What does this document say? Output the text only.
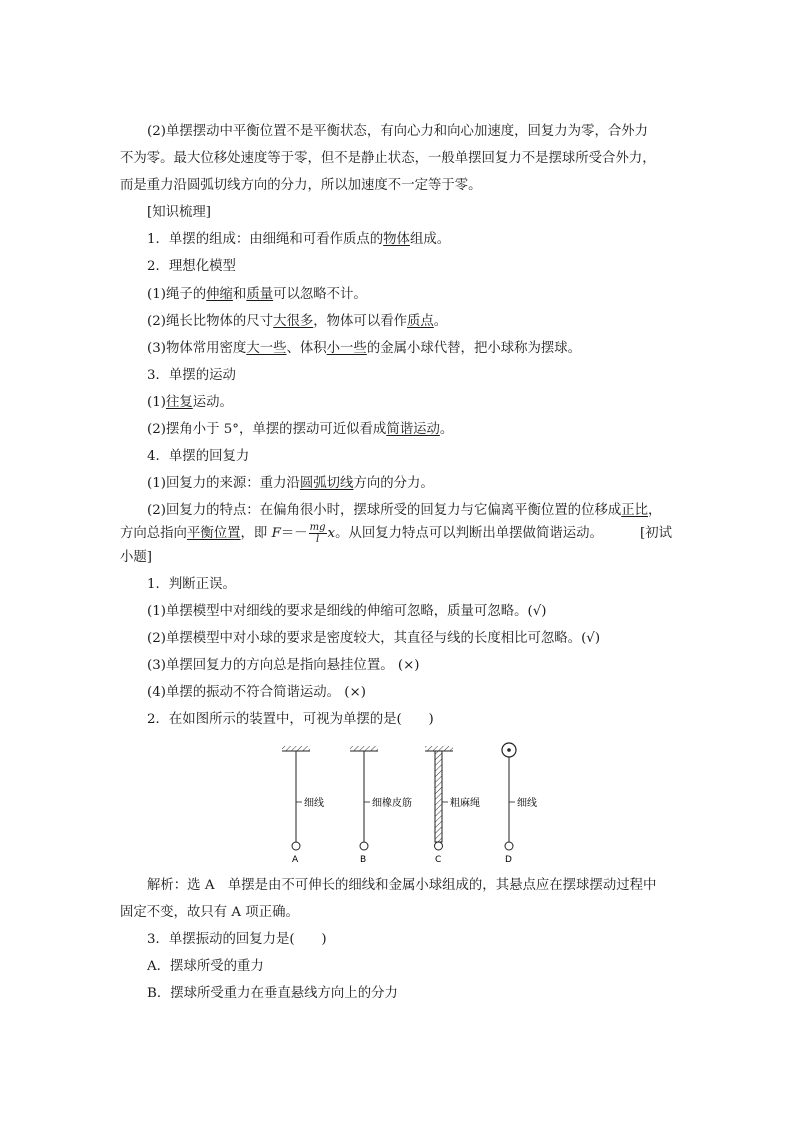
(2)单摆摆动中平衡位置不是平衡状态，有向心力和向心加速度，回复力为零，合外力
不为零。最大位移处速度等于零，但不是静止状态，一般单摆回复力不是摆球所受合外力，
而是重力沿圆弧切线方向的分力，所以加速度不一定等于零。
[知识梳理]
1．单摆的组成：由细绳和可看作质点的物体组成。
2．理想化模型
(1)绳子的伸缩和质量可以忽略不计。
(2)绳长比物体的尺寸大很多，物体可以看作质点。
(3)物体常用密度大一些、体积小一些的金属小球代替，把小球称为摆球。
3．单摆的运动
(1)往复运动。
(2)摆角小于 5°，单摆的摆动可近似看成简谐运动。
4．单摆的回复力
(1)回复力的来源：重力沿圆弧切线方向的分力。
(2)回复力的特点：在偏角很小时，摆球所受的回复力与它偏离平衡位置的位移成正比，
方向总指向平衡位置，即 $F=- \frac{mg}{l}$ x。从回复力特点可以判断出单摆做简谐运动。	[初试
小题]
1．判断正误。
(1)单摆模型中对细线的要求是细线的伸缩可忽略，质量可忽略。(√)
(2)单摆模型中对小球的要求是密度较大，其直径与线的长度相比可忽略。(√)
(3)单摆回复力的方向总是指向悬挂位置。 (×)
(4)单摆的振动不符合简谐运动。 (×)
2．在如图所示的装置中，可视为单摆的是(　　)
细线
A
细橡皮筋
B
粗麻绳
C
细线
D
解析：选 A　单摆是由不可伸长的细线和金属小球组成的，其悬点应在摆球摆动过程中
固定不变，故只有 A 项正确。
3．单摆振动的回复力是(　　)
A．摆球所受的重力
B．摆球所受重力在垂直悬线方向上的分力
